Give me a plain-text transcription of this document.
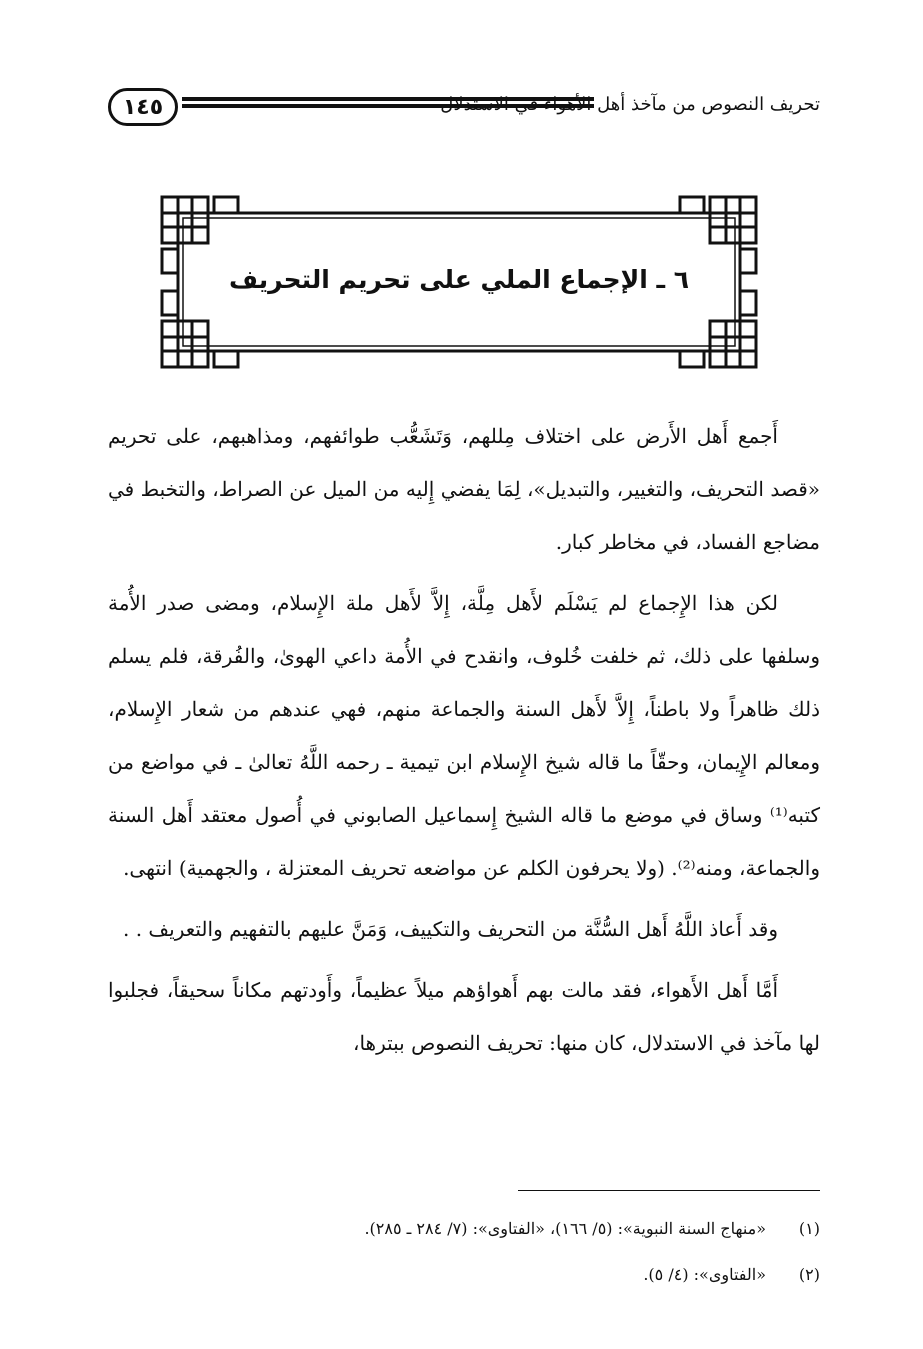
١٤٥	تحريف النصوص من مآخذ أهل الأهواء في الاستدلال
٦ ـ الإجماع الملي على تحريم التحريف

أَجمع أَهل الأَرض على اختلاف مِللهم، وَتَشَعُّب طوائفهم، ومذاهبهم، على تحريم «قصد التحريف، والتغيير، والتبديل»، لِمَا يفضي إِليه من الميل عن الصراط، والتخبط في مضاجع الفساد، في مخاطر كبار.

لكن هذا الإِجماع لم يَسْلَم لأَهل مِلَّة، إِلاَّ لأَهل ملة الإِسلام، ومضى صدر الأُمة وسلفها على ذلك، ثم خلفت خُلوف، وانقدح في الأُمة داعي الهوىٰ، والفُرقة، فلم يسلم ذلك ظاهراً ولا باطناً، إِلاَّ لأَهل السنة والجماعة منهم، فهي عندهم من شعار الإِسلام، ومعالم الإِيمان، وحقّاً ما قاله شيخ الإِسلام ابن تيمية ـ رحمه اللَّهُ تعالىٰ ـ في مواضع من كتبه⁽¹⁾ وساق في موضع ما قاله الشيخ إِسماعيل الصابوني في أُصول معتقد أَهل السنة والجماعة، ومنه⁽²⁾. (ولا يحرفون الكلم عن مواضعه تحريف المعتزلة ، والجهمية) انتهى.

وقد أَعاذ اللَّهُ أَهل السُّنَّة من التحريف والتكييف، وَمَنَّ عليهم بالتفهيم والتعريف . .

أَمَّا أَهل الأَهواء، فقد مالت بهم أَهواؤهم ميلاً عظيماً، وأَودتهم مكاناً سحيقاً، فجلبوا لها مآخذ في الاستدلال، كان منها: تحريف النصوص ببترها،

(١)«منهاج السنة النبوية»: (٥/ ١٦٦)، «الفتاوى»: (٧/ ٢٨٤ ـ ٢٨٥).
(٢)«الفتاوى»: (٤/ ٥).
